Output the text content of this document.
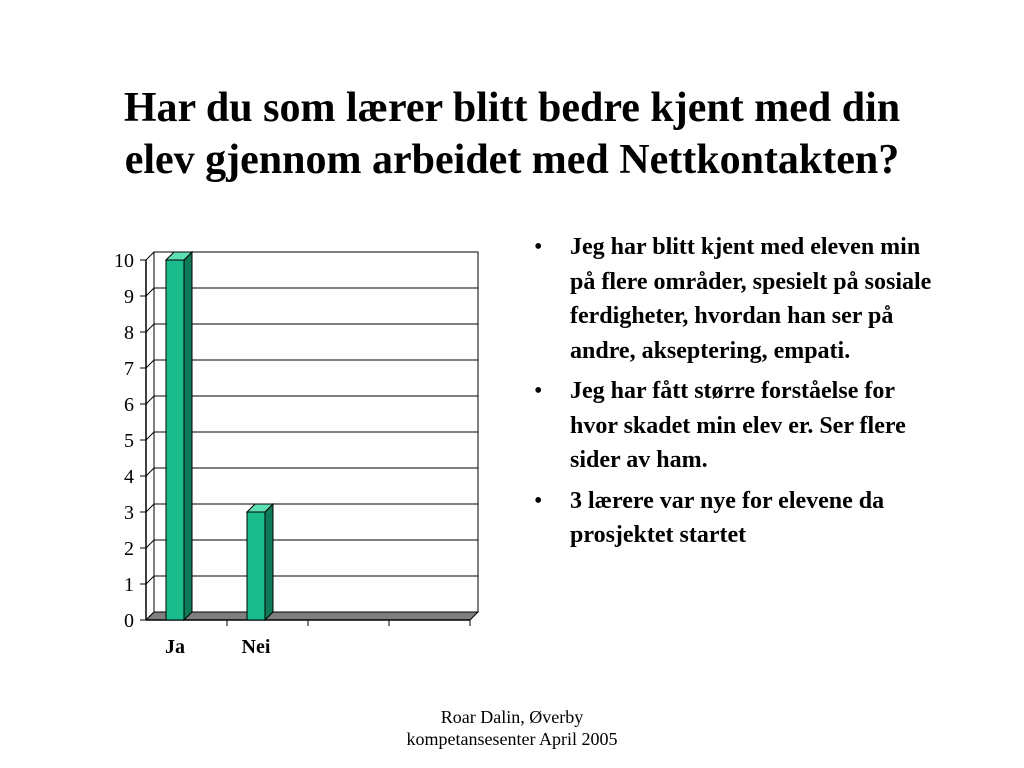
Har du som lærer blitt bedre kjent med din
elev gjennom arbeidet med Nettkontakten?
0
1
2
3
4
5
6
7
8
9
10
Ja	Nei
• Jeg har blitt kjent med eleven min på flere områder, spesielt på sosiale ferdigheter, hvordan han ser på andre, akseptering, empati.
• Jeg har fått større forståelse for hvor skadet min elev er. Ser flere sider av ham.
• 3 lærere var nye for elevene da prosjektet startet
Roar Dalin, Øverby
kompetansesenter April 2005
